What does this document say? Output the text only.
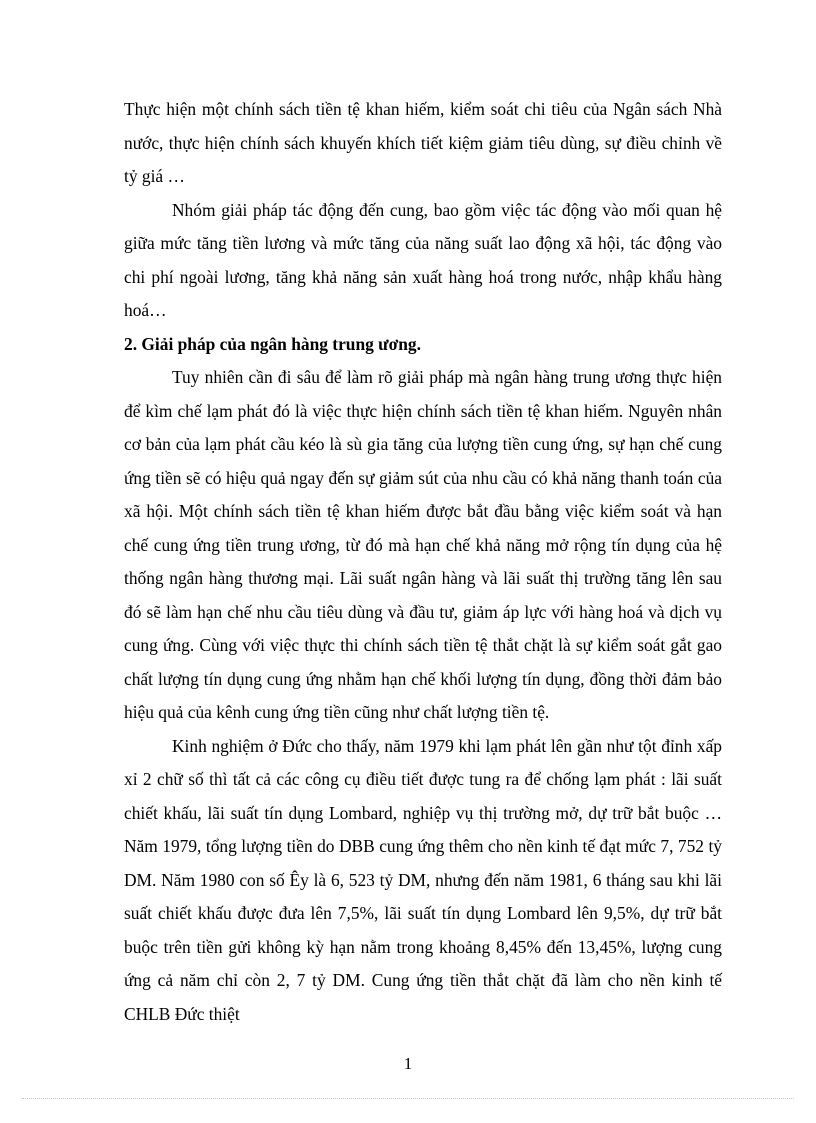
Thực hiện một chính sách tiền tệ khan hiếm, kiểm soát chi tiêu của Ngân sách Nhà nước, thực hiện chính sách khuyến khích tiết kiệm giảm tiêu dùng, sự điều chỉnh về tỷ giá …

Nhóm giải pháp tác động đến cung, bao gồm việc tác động vào mối quan hệ giữa mức tăng tiền lương và mức tăng của năng suất lao động xã hội, tác động vào chi phí ngoài lương, tăng khả năng sản xuất hàng hoá trong nước, nhập khẩu hàng hoá…

2. Giải pháp của ngân hàng trung ương.

Tuy nhiên cần đi sâu để làm rõ giải pháp mà ngân hàng trung ương thực hiện để kìm chế lạm phát đó là việc thực hiện chính sách tiền tệ khan hiếm. Nguyên nhân cơ bản của lạm phát cầu kéo là sù gia tăng của lượng tiền cung ứng, sự hạn chế cung ứng tiền sẽ có hiệu quả ngay đến sự giảm sút của nhu cầu có khả năng thanh toán của xã hội. Một chính sách tiền tệ khan hiếm được bắt đầu bằng việc kiểm soát và hạn chế cung ứng tiền trung ương, từ đó mà hạn chế khả năng mở rộng tín dụng của hệ thống ngân hàng thương mại. Lãi suất ngân hàng và lãi suất thị trường tăng lên sau đó sẽ làm hạn chế nhu cầu tiêu dùng và đầu tư, giảm áp lực với hàng hoá và dịch vụ cung ứng. Cùng với việc thực thi chính sách tiền tệ thắt chặt là sự kiểm soát gắt gao chất lượng tín dụng cung ứng nhằm hạn chế khối lượng tín dụng, đồng thời đảm bảo hiệu quả của kênh cung ứng tiền cũng như chất lượng tiền tệ.

Kinh nghiệm ở Đức cho thấy, năm 1979 khi lạm phát lên gần như tột đỉnh xấp xỉ 2 chữ số thì tất cả các công cụ điều tiết được tung ra để chống lạm phát : lãi suất chiết khấu, lãi suất tín dụng Lombard, nghiệp vụ thị trường mở, dự trữ bắt buộc …Năm 1979, tổng lượng tiền do DBB cung ứng thêm cho nền kinh tế đạt mức 7, 752 tỷ DM. Năm 1980 con số Êy là 6, 523 tỷ DM, nhưng đến năm 1981, 6 tháng sau khi lãi suất chiết khấu được đưa lên 7,5%, lãi suất tín dụng Lombard lên 9,5%, dự trữ bắt buộc trên tiền gửi không kỳ hạn nằm trong khoảng 8,45% đến 13,45%, lượng cung ứng cả năm chỉ còn 2, 7 tỷ DM. Cung ứng tiền thắt chặt đã làm cho nền kinh tế CHLB Đức thiệt

1
